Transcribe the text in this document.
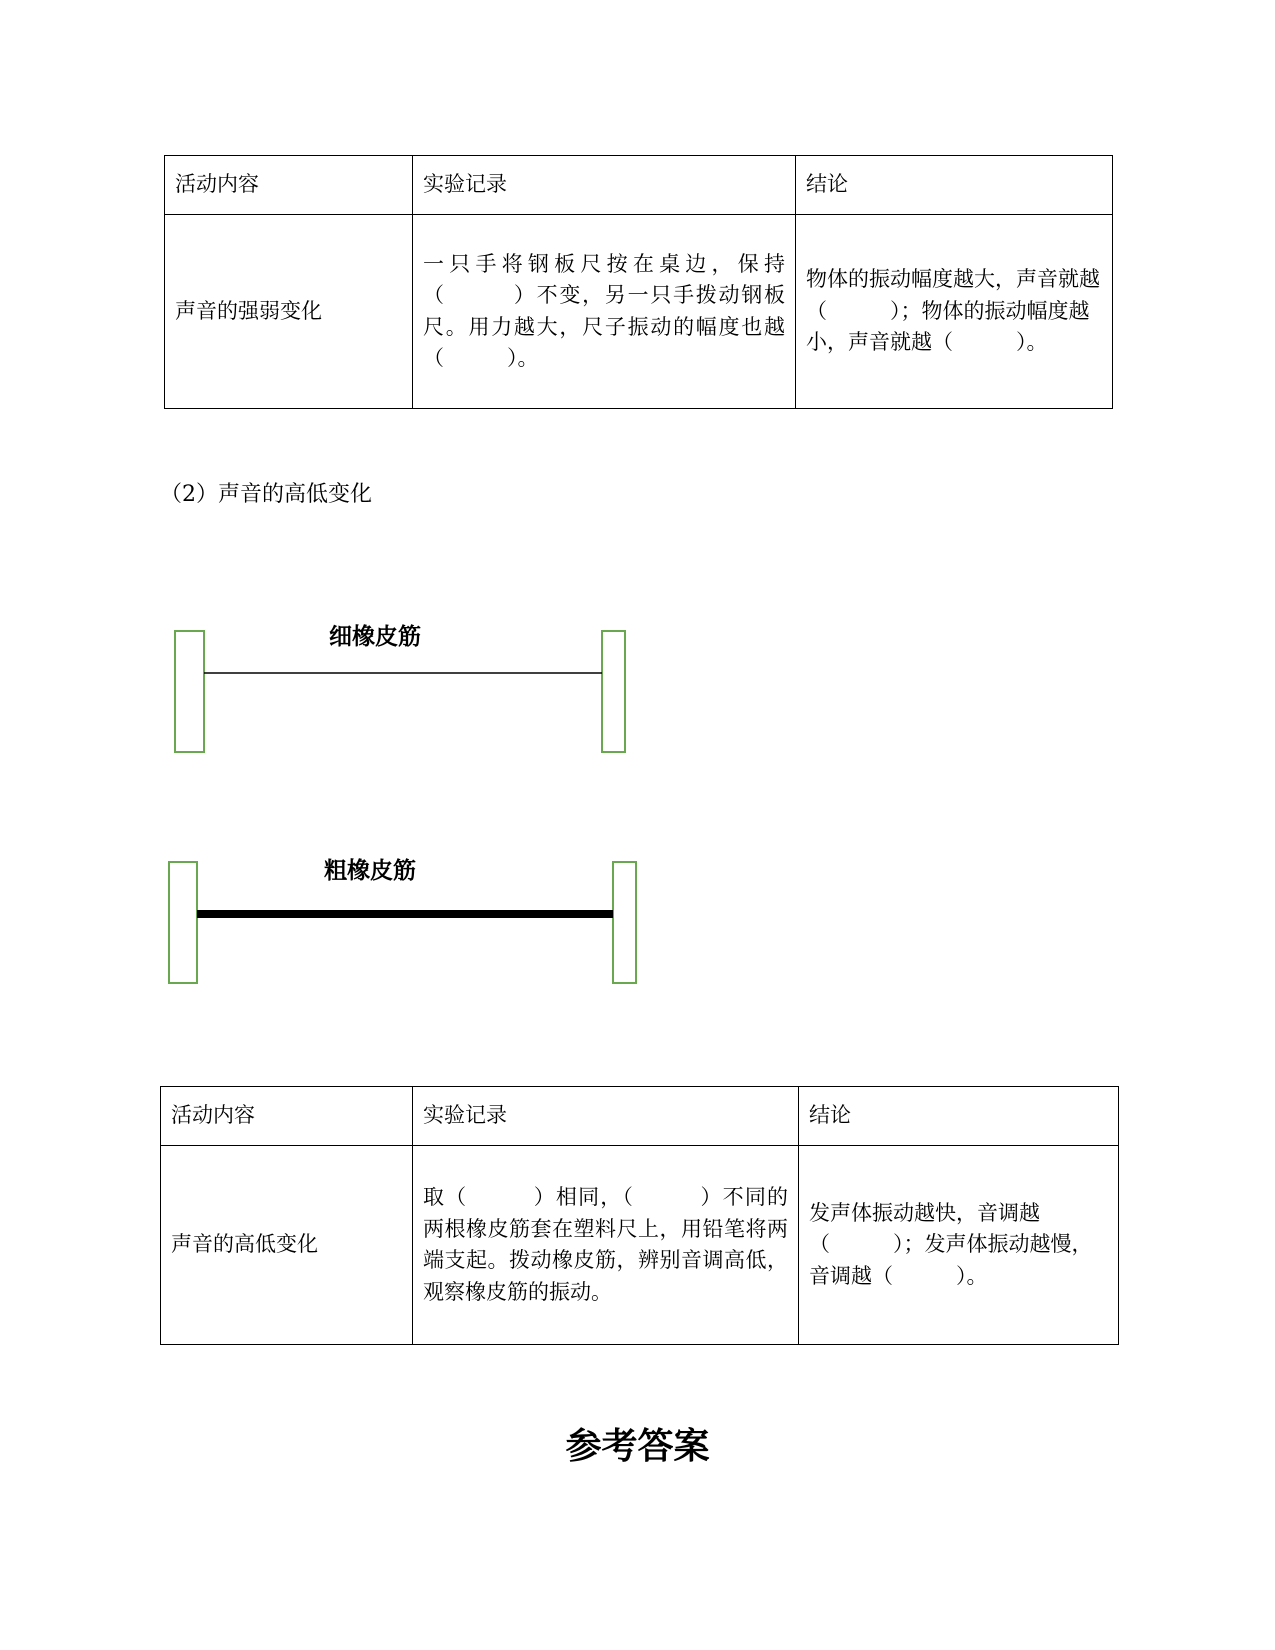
活动内容	实验记录	结论
声音的强弱变化	一只手将钢板尺按在桌边，保持（　　　）不变，另一只手拨动钢板尺。用力越大，尺子振动的幅度也越（　　　）。	物体的振动幅度越大，声音就越（　　　）；物体的振动幅度越小，声音就越（　　　）。
（2）声音的高低变化
细橡皮筋
粗橡皮筋
活动内容	实验记录	结论
声音的高低变化	取（　　　）相同，（　　　）不同的两根橡皮筋套在塑料尺上，用铅笔将两端支起。拨动橡皮筋，辨别音调高低，观察橡皮筋的振动。	发声体振动越快，音调越（　　　）；发声体振动越慢，音调越（　　　）。
参考答案
